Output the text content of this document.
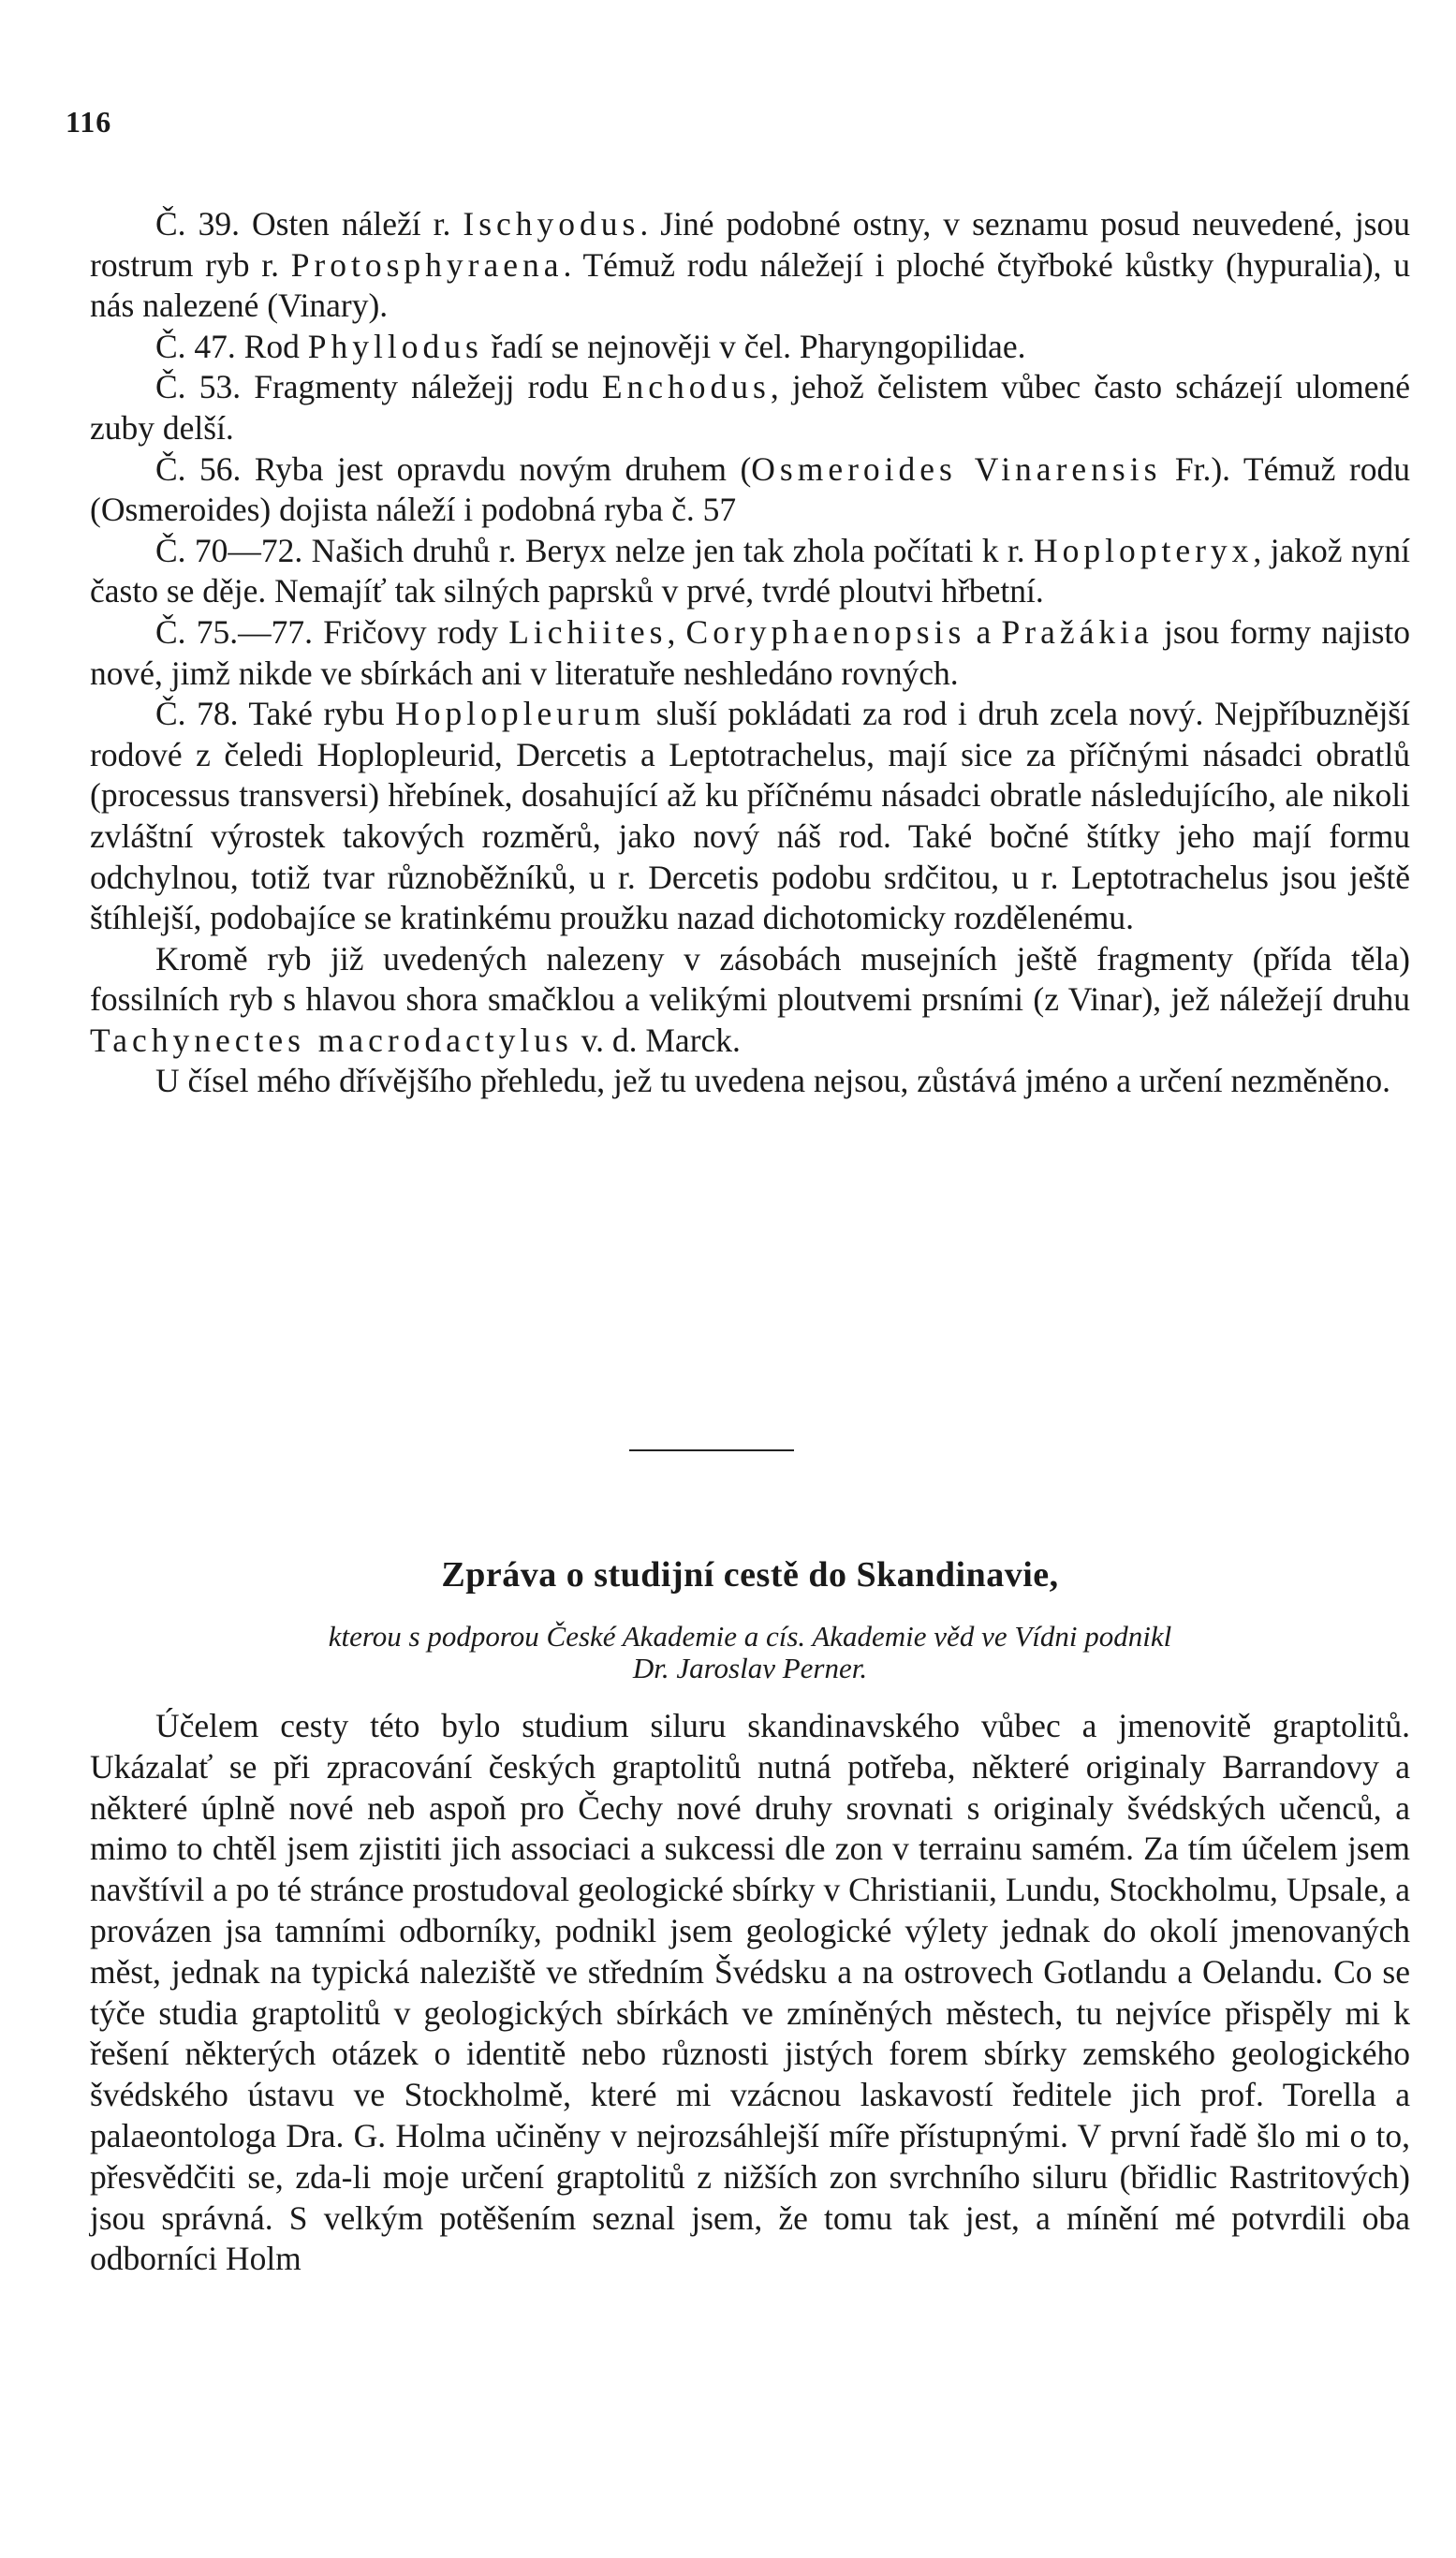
116

Č. 39. Osten náleží r. Ischyodus. Jiné podobné ostny, v seznamu posud neuvedené, jsou rostrum ryb r. Protosphyraena. Témuž rodu náležejí i ploché čtyřboké kůstky (hypuralia), u nás nalezené (Vinary).

Č. 47. Rod Phyllodus řadí se nejnověji v čel. Pharyngopilidae.

Č. 53. Fragmenty náležejj rodu Enchodus, jehož čelistem vůbec často scházejí ulomené zuby delší.

Č. 56. Ryba jest opravdu novým druhem (Osmeroides Vinarensis Fr.). Témuž rodu (Osmeroides) dojista náleží i podobná ryba č. 57

Č. 70—72. Našich druhů r. Beryx nelze jen tak zhola počítati k r. Hoplopteryx, jakož nyní často se děje. Nemajíť tak silných paprsků v prvé, tvrdé ploutvi hřbetní.

Č. 75.—77. Fričovy rody Lichiites, Coryphaenopsis a Pražákia jsou formy najisto nové, jimž nikde ve sbírkách ani v literatuře neshledáno rovných.

Č. 78. Také rybu Hoplopleurum sluší pokládati za rod i druh zcela nový. Nejpříbuznější rodové z čeledi Hoplopleurid, Dercetis a Leptotrachelus, mají sice za příčnými násadci obratlů (processus transversi) hřebínek, dosahující až ku příčnému násadci obratle následujícího, ale nikoli zvláštní výrostek takových rozměrů, jako nový náš rod. Také bočné štítky jeho mají formu odchylnou, totiž tvar různoběžníků, u r. Dercetis podobu srdčitou, u r. Leptotrachelus jsou ještě štíhlejší, podobajíce se kratinkému proužku nazad dichotomicky rozdělenému.

Kromě ryb již uvedených nalezeny v zásobách musejních ještě fragmenty (přída těla) fossilních ryb s hlavou shora smačklou a velikými ploutvemi prsními (z Vinar), jež náležejí druhu Tachynectes macrodactylus v. d. Marck.

U čísel mého dřívějšího přehledu, jež tu uvedena nejsou, zůstává jméno a určení nezměněno.

Zpráva o studijní cestě do Skandinavie,
kterou s podporou České Akademie a cís. Akademie věd ve Vídni podnikl
Dr. Jaroslav Perner.

Účelem cesty této bylo studium siluru skandinavského vůbec a jmenovitě graptolitů. Ukázalať se při zpracování českých graptolitů nutná potřeba, některé originaly Barrandovy a některé úplně nové neb aspoň pro Čechy nové druhy srovnati s originaly švédských učenců, a mimo to chtěl jsem zjistiti jich associaci a sukcessi dle zon v terrainu samém. Za tím účelem jsem navštívil a po té stránce prostudoval geologické sbírky v Christianii, Lundu, Stockholmu, Upsale, a provázen jsa tamními odborníky, podnikl jsem geologické výlety jednak do okolí jmenovaných měst, jednak na typická naleziště ve středním Švédsku a na ostrovech Gotlandu a Oelandu. Co se týče studia graptolitů v geologických sbírkách ve zmíněných městech, tu nejvíce přispěly mi k řešení některých otázek o identitě nebo různosti jistých forem sbírky zemského geologického švédského ústavu ve Stockholmě, které mi vzácnou laskavostí ředitele jich prof. Torella a palaeontologa Dra. G. Holma učiněny v nejrozsáhlejší míře přístupnými. V první řadě šlo mi o to, přesvědčiti se, zda-li moje určení graptolitů z nižších zon svrchního siluru (břidlic Rastritových) jsou správná. S velkým potěšením seznal jsem, že tomu tak jest, a mínění mé potvrdili oba odborníci Holm
